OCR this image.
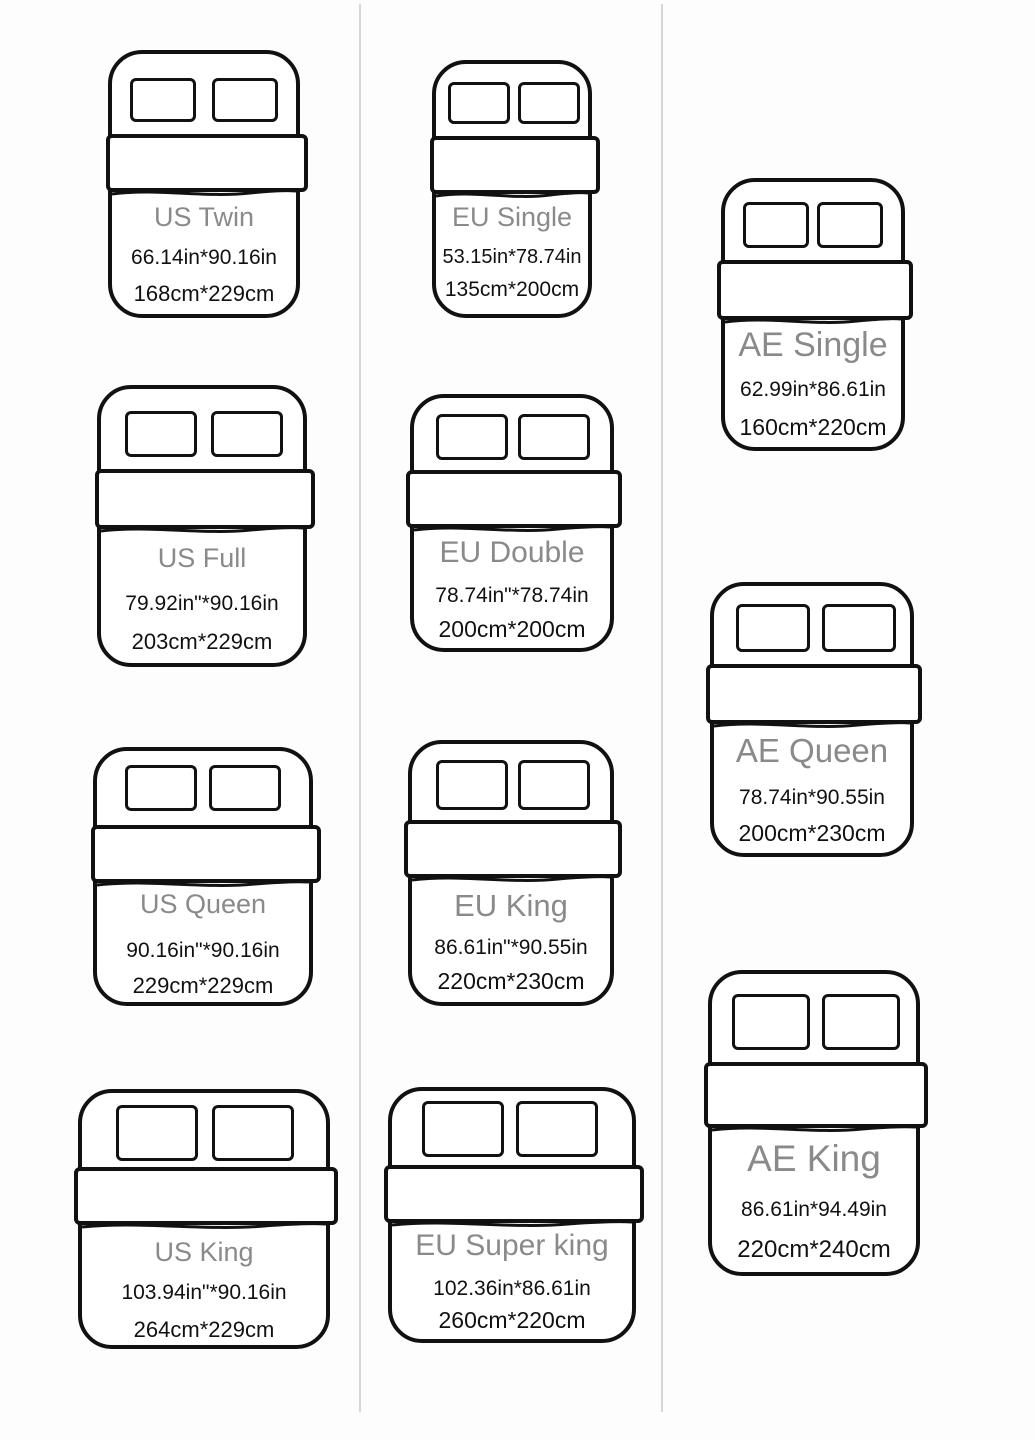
US Twin
66.14in*90.16in
168cm*229cm
US Full
79.92in"*90.16in
203cm*229cm
US Queen
90.16in"*90.16in
229cm*229cm
US King
103.94in"*90.16in
264cm*229cm
EU Single
53.15in*78.74in
135cm*200cm
EU Double
78.74in"*78.74in
200cm*200cm
EU King
86.61in"*90.55in
220cm*230cm
EU Super king
102.36in*86.61in
260cm*220cm
AE Single
62.99in*86.61in
160cm*220cm
AE Queen
78.74in*90.55in
200cm*230cm
AE King
86.61in*94.49in
220cm*240cm
